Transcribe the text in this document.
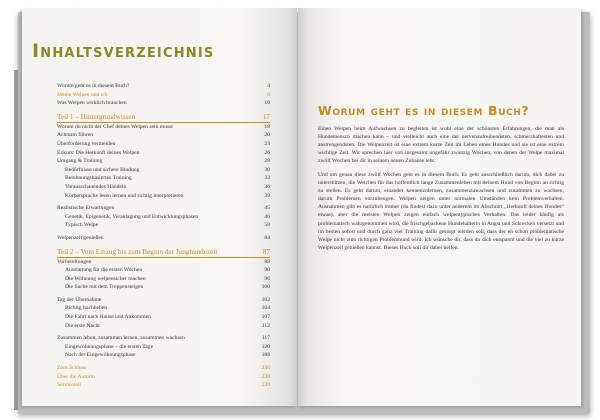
Inhaltsverzeichnis
Worum geht es in diesem Buch?	4
Meine Welpen und ich	6
Was Welpen wirklich brauchen	10
Teil 1 – Hintergrundwissen	17
Worum du nicht der Chef deines Welpen sein musst	18
Achtsam führen	20
Überforderung vermeiden	23
Exkurs: Die Herkunft deines Welpen	26
Umgang & Training	28
Bedürfnisse und sichere Bindung	30
Belohnungsbasiertes Training	33
Vorausschauendes Handeln	36
Körpersprache lesen lernen und richtig interpretieren	39
Realistische Erwartungen	45
Genetik, Epigenetik, Veranlagung und Entwicklungsphasen	46
Typisch Welpe	58
Welpenzeit genießen	84
Teil 2 – Vom Einzug bis zum Beginn der Junghundezeit	87
Vorbereitungen	88
Ausstattung für die ersten Wochen	90
Die Wohnung welpensicher machen	96
Die Sache mit dem Treppensteigen	100
Tag der Übernahme	102
Richtig hochheben	104
Die Fahrt nach Hause und Ankommen	107
Die erste Nacht	112
Zusammen leben, zusammen lernen, zusammen wachsen	117
Eingewöhnungsphase – die ersten Tage	120
Nach der Eingewöhnungsphase	188
Zum Schluss	236
Über die Autorin	238
Serviceteil	239
Worum geht es in diesem Buch?

Einen Welpen beim Aufwachsen zu begleiten ist wohl eine der schönsten Erfahrungen, die man als Hundemensch machen kann – und vielleicht auch eine der nervenaufreibendsten, schmerzhaftesten und anstrengendsten. Die Welpenzeit ist eine extrem kurze Zeit im Leben eines Hundes und sie ist eine extrem wichtige Zeit. Wir sprechen hier von insgesamt ungefähr zwanzig Wochen, von denen der Welpe maximal zwölf Wochen bei dir in seinem neuen Zuhause lebt.

Und um genau diese zwölf Wochen geht es in diesem Buch. Es geht ausschließlich darum, dich dabei zu unterstützen, die Weichen für das hoffentlich lange Zusammenleben mit deinem Hund von Beginn an richtig zu stellen. Es geht darum, einander kennenzulernen, zusammenzuwachsen und zusammen zu wachsen, darum Problemen vorzubeugen. Welpen zeigen unter normalen Umständen kein Problemverhalten. Ausnahmen gibt es natürlich immer (du findest dazu unter anderem im Abschnitt „Herkunft deines Hundes“ etwas), aber die meisten Welpen zeigen einfach welpentypisches Verhalten. Das leider häufig als problematisch wahrgenommen wird, die frischgebackene Hundehalterin in Angst und Schrecken versetzt und im besten sofort und durch ganz viel Training dafür gesorgt werden soll, dass der eh schon problematische Welpe nicht zum richtigen Problemhund wird. Ich wünsche dir, dass du dich entspannt und die viel zu kurze Welpenzeit genießen kannst. Dieses Buch soll dir dabei helfen.
